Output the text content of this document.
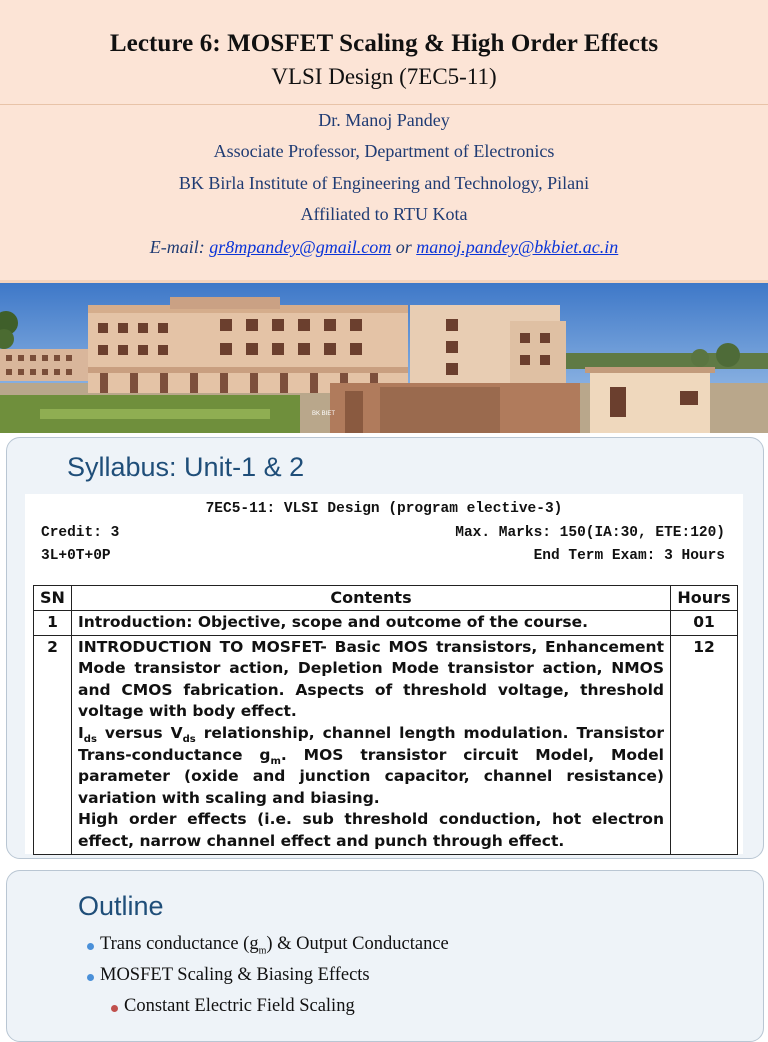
Lecture 6: MOSFET Scaling & High Order Effects
VLSI Design (7EC5-11)
Dr. Manoj Pandey
Associate Professor, Department of Electronics
BK Birla Institute of Engineering and Technology, Pilani
Affiliated to RTU Kota
E-mail: gr8mpandey@gmail.com or manoj.pandey@bkbiet.ac.in
BK BIET
Syllabus: Unit-1 & 2
7EC5-11: VLSI Design (program elective-3)
Credit: 3	Max. Marks: 150(IA:30, ETE:120)
3L+0T+0P	End Term Exam: 3 Hours
SN	Contents	Hours
1	Introduction: Objective, scope and outcome of the course.	01
2	INTRODUCTION TO MOSFET- Basic MOS transistors, Enhancement Mode transistor action, Depletion Mode transistor action, NMOS and CMOS fabrication. Aspects of threshold voltage, threshold voltage with body effect.
$I_{ds}$ versus $V_{ds}$ relationship, channel length modulation. Transistor Trans-conductance $g_m$. MOS transistor circuit Model, Model parameter (oxide and junction capacitor, channel resistance) variation with scaling and biasing.
High order effects (i.e. sub threshold conduction, hot electron effect, narrow channel effect and punch through effect.	12
Outline
Trans conductance $(g_m)$ & Output Conductance
MOSFET Scaling & Biasing Effects
Constant Electric Field Scaling
